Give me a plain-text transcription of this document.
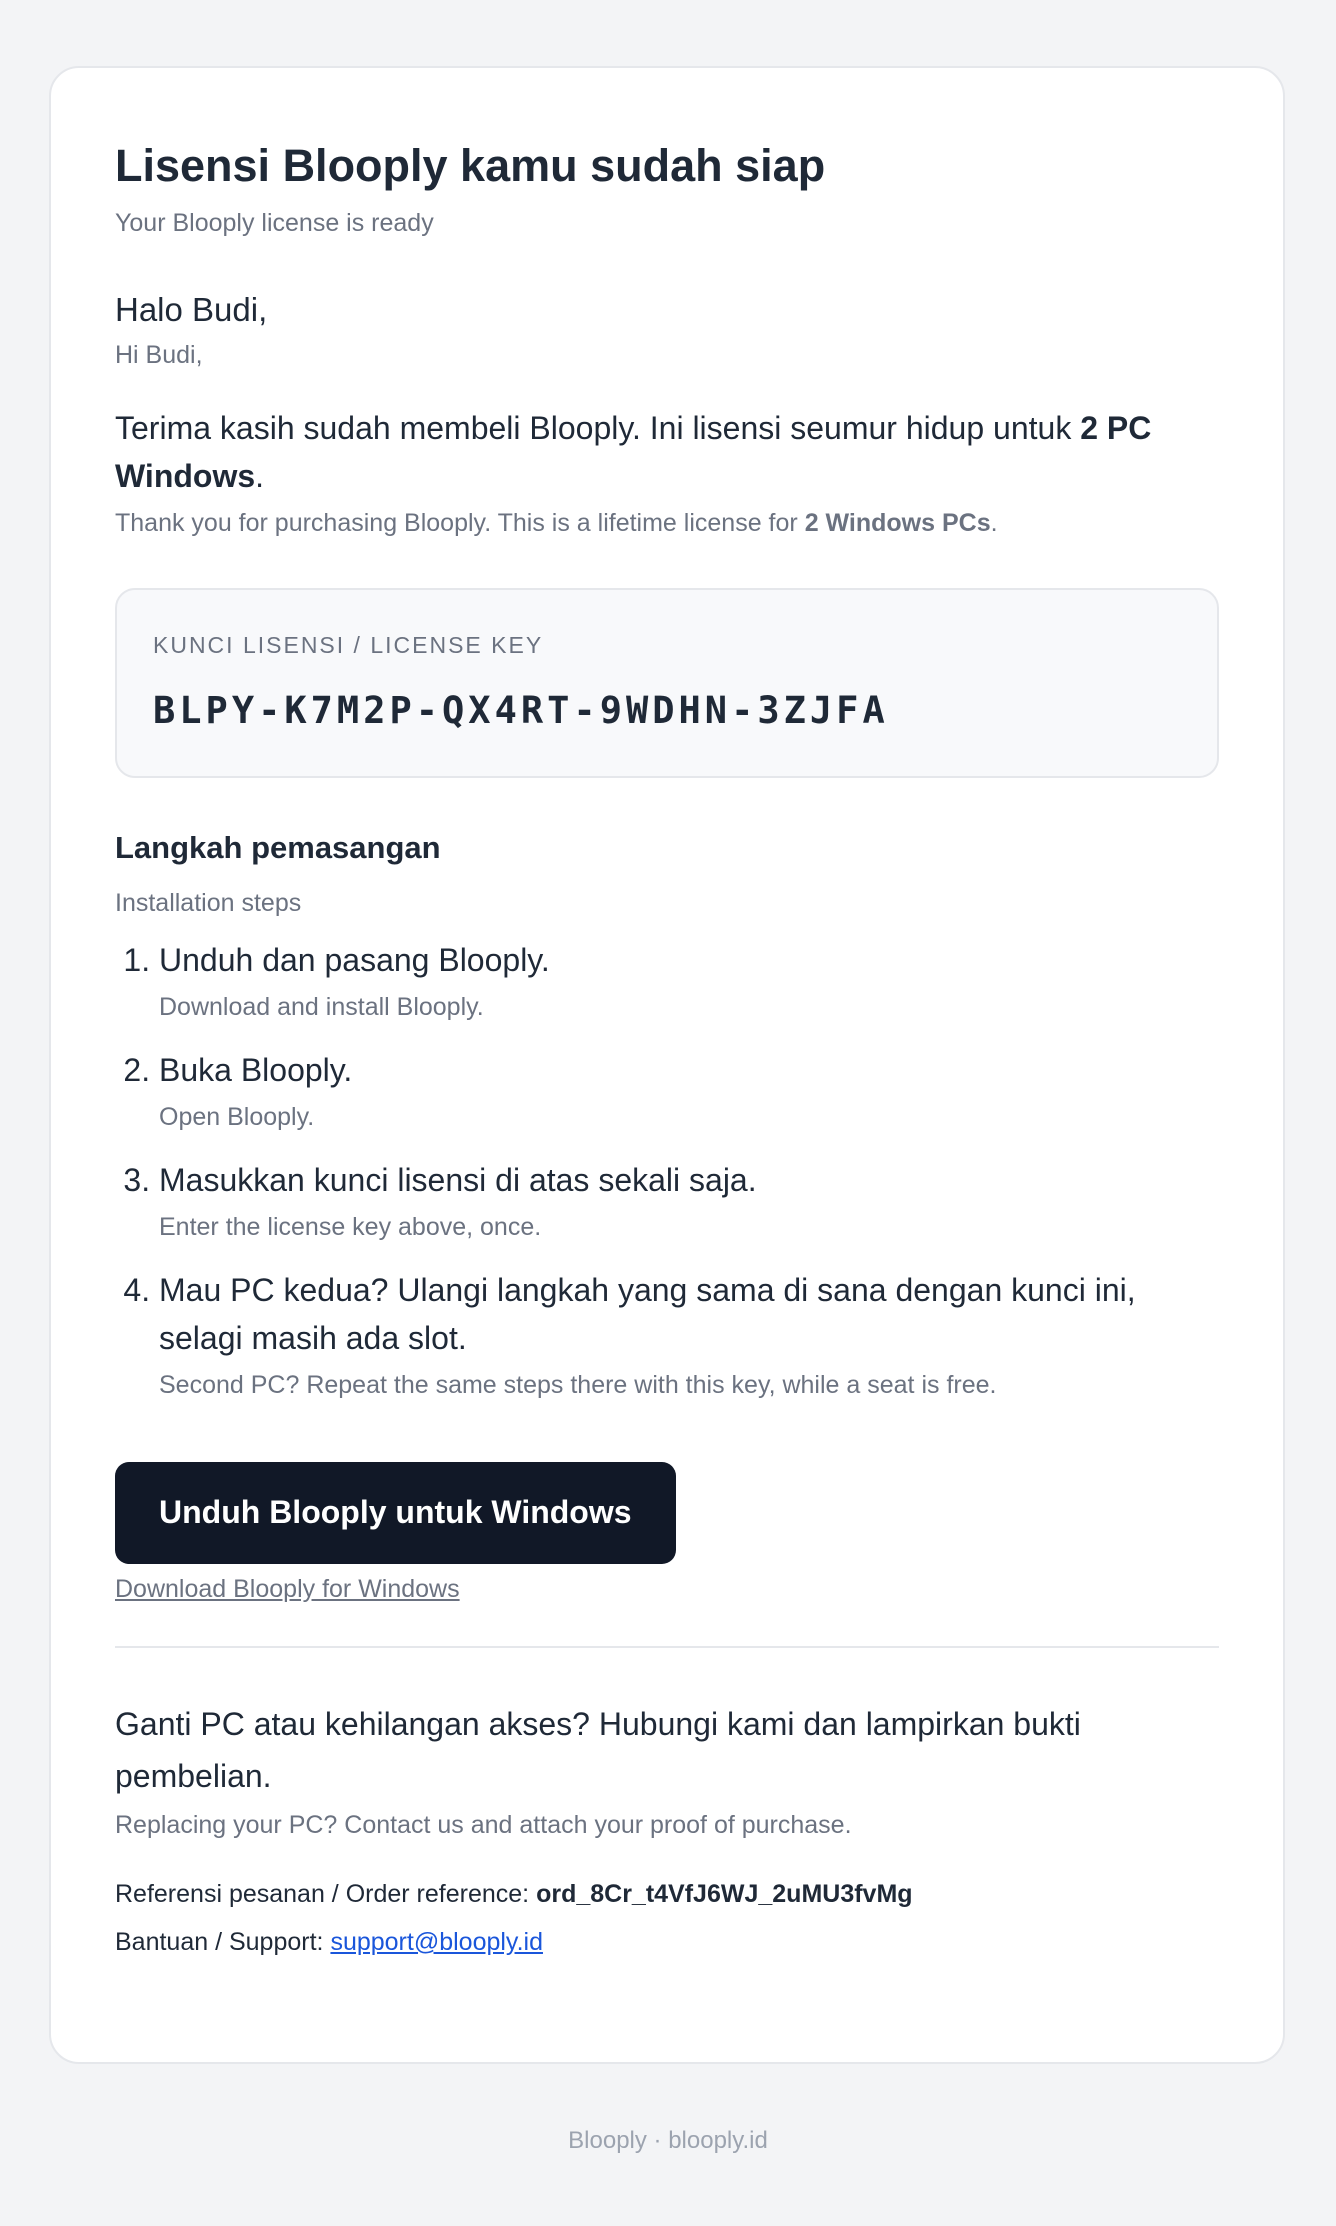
Lisensi Blooply kamu sudah siap
Your Blooply license is ready
Halo Budi,
Hi Budi,
Terima kasih sudah membeli Blooply. Ini lisensi seumur hidup untuk 2 PC Windows.
Thank you for purchasing Blooply. This is a lifetime license for 2 Windows PCs.
KUNCI LISENSI / LICENSE KEY
BLPY-K7M2P-QX4RT-9WDHN-3ZJFA
Langkah pemasangan
Installation steps
1. Unduh dan pasang Blooply.
Download and install Blooply.
2. Buka Blooply.
Open Blooply.
3. Masukkan kunci lisensi di atas sekali saja.
Enter the license key above, once.
4. Mau PC kedua? Ulangi langkah yang sama di sana dengan kunci ini, selagi masih ada slot.
Second PC? Repeat the same steps there with this key, while a seat is free.
Unduh Blooply untuk Windows
Download Blooply for Windows
Ganti PC atau kehilangan akses? Hubungi kami dan lampirkan bukti pembelian.
Replacing your PC? Contact us and attach your proof of purchase.
Referensi pesanan / Order reference: ord_8Cr_t4VfJ6WJ_2uMU3fvMg
Bantuan / Support: support@blooply.id
Blooply · blooply.id
